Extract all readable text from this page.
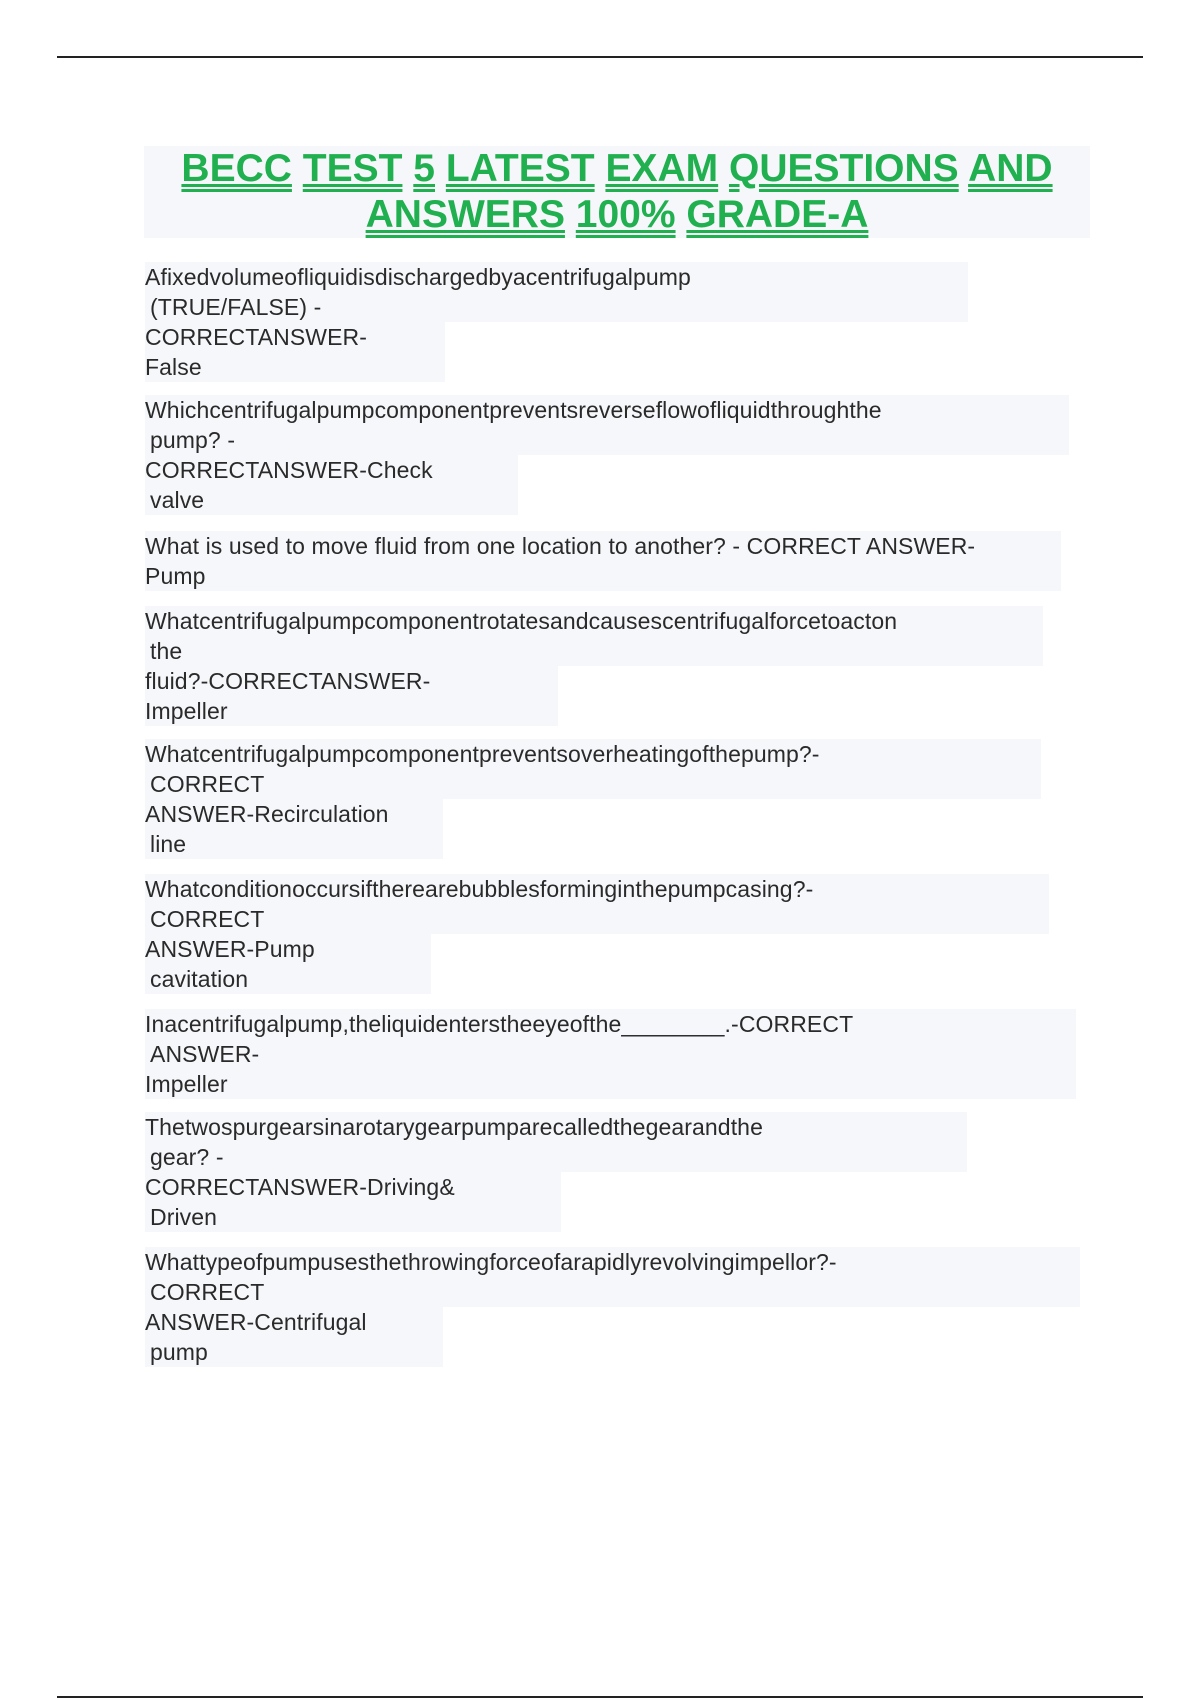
BECC TEST 5 LATEST EXAM QUESTIONS AND
ANSWERS 100% GRADE-A
Afixedvolumeofliquidisdischargedbyacentrifugalpump
(TRUE/FALSE) -
CORRECTANSWER-
False
Whichcentrifugalpumpcomponentpreventsreverseflowofliquidthroughthe
pump? -
CORRECTANSWER-Check
valve
What is used to move fluid from one location to another? - CORRECT ANSWER-
Pump
Whatcentrifugalpumpcomponentrotatesandcausescentrifugalforcetoacton
the
fluid?-CORRECTANSWER-
Impeller
Whatcentrifugalpumpcomponentpreventsoverheatingofthepump?-
CORRECT
ANSWER-Recirculation
line
Whatconditionoccursiftherearebubblesforminginthepumpcasing?-
CORRECT
ANSWER-Pump
cavitation
Inacentrifugalpump,theliquidenterstheeyeofthe________.-CORRECT
ANSWER-
Impeller
Thetwospurgearsinarotarygearpumparecalledthegearandthe
gear? -
CORRECTANSWER-Driving&
Driven
Whattypeofpumpusesthethrowingforceofarapidlyrevolvingimpellor?-
CORRECT
ANSWER-Centrifugal
pump
